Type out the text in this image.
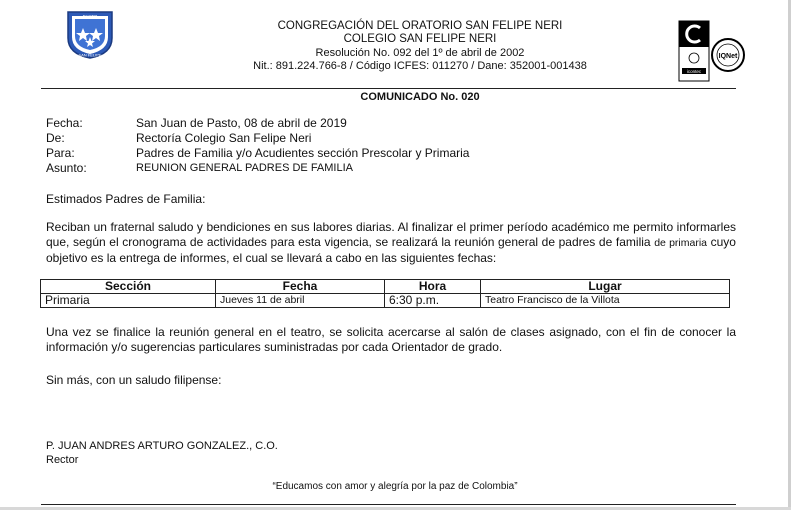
PASTO
SAN FELIPE
CONGREGACIÓN DEL ORATORIO SAN FELIPE NERI
COLEGIO SAN FELIPE NERI
Resolución No. 092 del 1º de abril de 2002
Nit.: 891.224.766-8 / Código ICFES: 011270 / Dane: 352001-001438	icontec
IQNet
COMUNICADO No. 020
Fecha:	San Juan de Pasto, 08 de abril de 2019
De:	Rectoría Colegio San Felipe Neri
Para:	Padres de Familia y/o Acudientes sección Prescolar y Primaria
Asunto:	REUNION GENERAL PADRES DE FAMILIA
Estimados Padres de Familia:
Reciban un fraternal saludo y bendiciones en sus labores diarias. Al finalizar el primer período académico me permito informarles que, según el cronograma de actividades para esta vigencia, se realizará la reunión general de padres de familia de primaria cuyo objetivo es la entrega de informes, el cual se llevará a cabo en las siguientes fechas:
Sección	Fecha	Hora	Lugar
Primaria	Jueves 11 de abril	6:30 p.m.	Teatro Francisco de la Villota
Una vez se finalice la reunión general en el teatro, se solicita acercarse al salón de clases asignado, con el fin de conocer la información y/o sugerencias particulares suministradas por cada Orientador de grado.
Sin más, con un saludo filipense:
P. JUAN ANDRES ARTURO GONZALEZ., C.O.
Rector
“Educamos con amor y alegría por la paz de Colombia”
